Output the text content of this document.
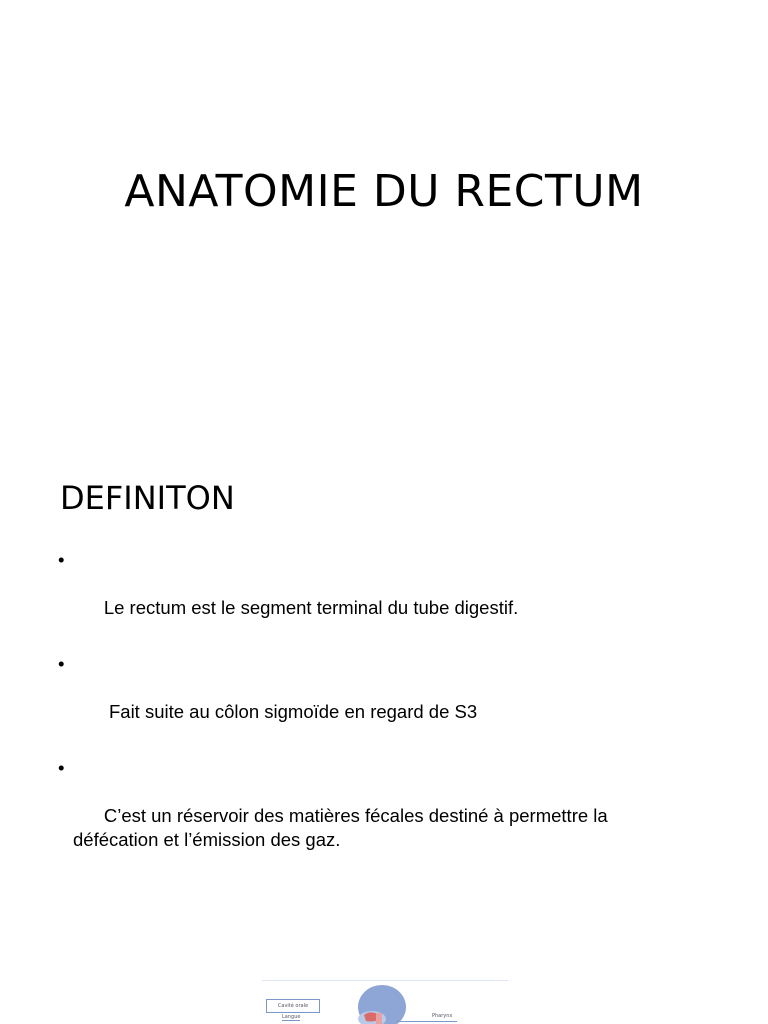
ANATOMIE DU RECTUM
DEFINITON

•

Le rectum est le segment terminal du tube digestif.

•

Fait suite au côlon sigmoïde en regard de S3

•

C’est un réservoir des matières fécales destiné à permettre la défécation et l’émission des gaz.

Cavité orale
Langue	Pharynx
